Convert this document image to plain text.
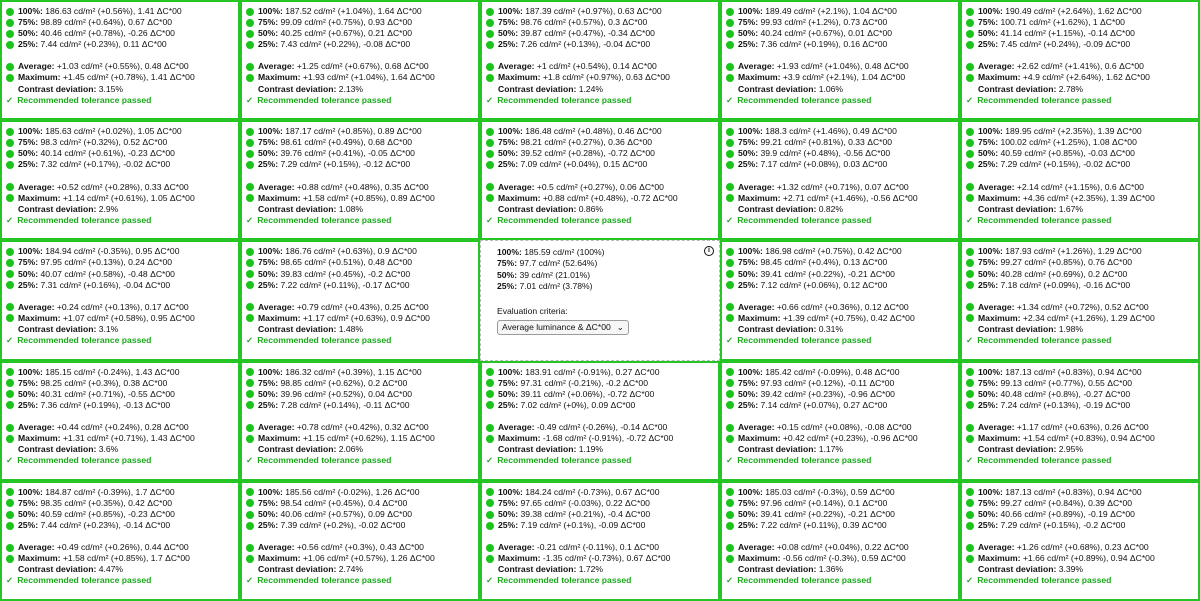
100%:
186.63 cd/m² (+0.56%), 1.41 ΔC*00
75%:
98.89 cd/m² (+0.64%), 0.67 ΔC*00
50%:
40.46 cd/m² (+0.78%), -0.26 ΔC*00
25%:
7.44 cd/m² (+0.23%), 0.11 ΔC*00
Average:
+1.03 cd/m² (+0.55%), 0.48 ΔC*00
Maximum:
+1.45 cd/m² (+0.78%), 1.41 ΔC*00
Contrast deviation:
3.15%
✓ Recommended tolerance passed
100%:
187.52 cd/m² (+1.04%), 1.64 ΔC*00
75%:
99.09 cd/m² (+0.75%), 0.93 ΔC*00
50%:
40.25 cd/m² (+0.67%), 0.21 ΔC*00
25%:
7.43 cd/m² (+0.22%), -0.08 ΔC*00
Average:
+1.25 cd/m² (+0.67%), 0.68 ΔC*00
Maximum:
+1.93 cd/m² (+1.04%), 1.64 ΔC*00
Contrast deviation:
2.13%
✓ Recommended tolerance passed
100%:
187.39 cd/m² (+0.97%), 0.63 ΔC*00
75%:
98.76 cd/m² (+0.57%), 0.3 ΔC*00
50%:
39.87 cd/m² (+0.47%), -0.34 ΔC*00
25%:
7.26 cd/m² (+0.13%), -0.04 ΔC*00
Average:
+1 cd/m² (+0.54%), 0.14 ΔC*00
Maximum:
+1.8 cd/m² (+0.97%), 0.63 ΔC*00
Contrast deviation:
1.24%
✓ Recommended tolerance passed
100%:
189.49 cd/m² (+2.1%), 1.04 ΔC*00
75%:
99.93 cd/m² (+1.2%), 0.73 ΔC*00
50%:
40.24 cd/m² (+0.67%), 0.01 ΔC*00
25%:
7.36 cd/m² (+0.19%), 0.16 ΔC*00
Average:
+1.93 cd/m² (+1.04%), 0.48 ΔC*00
Maximum:
+3.9 cd/m² (+2.1%), 1.04 ΔC*00
Contrast deviation:
1.06%
✓ Recommended tolerance passed
100%:
190.49 cd/m² (+2.64%), 1.62 ΔC*00
75%:
100.71 cd/m² (+1.62%), 1 ΔC*00
50%:
41.14 cd/m² (+1.15%), -0.14 ΔC*00
25%:
7.45 cd/m² (+0.24%), -0.09 ΔC*00
Average:
+2.62 cd/m² (+1.41%), 0.6 ΔC*00
Maximum:
+4.9 cd/m² (+2.64%), 1.62 ΔC*00
Contrast deviation:
2.78%
✓ Recommended tolerance passed
100%:
185.63 cd/m² (+0.02%), 1.05 ΔC*00
75%:
98.3 cd/m² (+0.32%), 0.52 ΔC*00
50%:
40.14 cd/m² (+0.61%), -0.23 ΔC*00
25%:
7.32 cd/m² (+0.17%), -0.02 ΔC*00
Average:
+0.52 cd/m² (+0.28%), 0.33 ΔC*00
Maximum:
+1.14 cd/m² (+0.61%), 1.05 ΔC*00
Contrast deviation:
2.9%
✓ Recommended tolerance passed
100%:
187.17 cd/m² (+0.85%), 0.89 ΔC*00
75%:
98.61 cd/m² (+0.49%), 0.68 ΔC*00
50%:
39.76 cd/m² (+0.41%), -0.05 ΔC*00
25%:
7.29 cd/m² (+0.15%), -0.12 ΔC*00
Average:
+0.88 cd/m² (+0.48%), 0.35 ΔC*00
Maximum:
+1.58 cd/m² (+0.85%), 0.89 ΔC*00
Contrast deviation:
1.08%
✓ Recommended tolerance passed
100%:
186.48 cd/m² (+0.48%), 0.46 ΔC*00
75%:
98.21 cd/m² (+0.27%), 0.36 ΔC*00
50%:
39.52 cd/m² (+0.28%), -0.72 ΔC*00
25%:
7.09 cd/m² (+0.04%), 0.15 ΔC*00
Average:
+0.5 cd/m² (+0.27%), 0.06 ΔC*00
Maximum:
+0.88 cd/m² (+0.48%), -0.72 ΔC*00
Contrast deviation:
0.86%
✓ Recommended tolerance passed
100%:
188.3 cd/m² (+1.46%), 0.49 ΔC*00
75%:
99.21 cd/m² (+0.81%), 0.33 ΔC*00
50%:
39.9 cd/m² (+0.48%), -0.56 ΔC*00
25%:
7.17 cd/m² (+0.08%), 0.03 ΔC*00
Average:
+1.32 cd/m² (+0.71%), 0.07 ΔC*00
Maximum:
+2.71 cd/m² (+1.46%), -0.56 ΔC*00
Contrast deviation:
0.82%
✓ Recommended tolerance passed
100%:
189.95 cd/m² (+2.35%), 1.39 ΔC*00
75%:
100.02 cd/m² (+1.25%), 1.08 ΔC*00
50%:
40.59 cd/m² (+0.85%), -0.03 ΔC*00
25%:
7.29 cd/m² (+0.15%), -0.02 ΔC*00
Average:
+2.14 cd/m² (+1.15%), 0.6 ΔC*00
Maximum:
+4.36 cd/m² (+2.35%), 1.39 ΔC*00
Contrast deviation:
1.67%
✓ Recommended tolerance passed
100%:
184.94 cd/m² (-0.35%), 0.95 ΔC*00
75%:
97.95 cd/m² (+0.13%), 0.24 ΔC*00
50%:
40.07 cd/m² (+0.58%), -0.48 ΔC*00
25%:
7.31 cd/m² (+0.16%), -0.04 ΔC*00
Average:
+0.24 cd/m² (+0.13%), 0.17 ΔC*00
Maximum:
+1.07 cd/m² (+0.58%), 0.95 ΔC*00
Contrast deviation:
3.1%
✓ Recommended tolerance passed
100%:
186.76 cd/m² (+0.63%), 0.9 ΔC*00
75%:
98.65 cd/m² (+0.51%), 0.48 ΔC*00
50%:
39.83 cd/m² (+0.45%), -0.2 ΔC*00
25%:
7.22 cd/m² (+0.11%), -0.17 ΔC*00
Average:
+0.79 cd/m² (+0.43%), 0.25 ΔC*00
Maximum:
+1.17 cd/m² (+0.63%), 0.9 ΔC*00
Contrast deviation:
1.48%
✓ Recommended tolerance passed
i
100%:
185.59 cd/m² (100%)
75%:
97.7 cd/m² (52.64%)
50%:
39 cd/m² (21.01%)
25%:
7.01 cd/m² (3.78%)
Evaluation criteria:
Average luminance & ΔC*00 ⌄
100%:
186.98 cd/m² (+0.75%), 0.42 ΔC*00
75%:
98.45 cd/m² (+0.4%), 0.13 ΔC*00
50%:
39.41 cd/m² (+0.22%), -0.21 ΔC*00
25%:
7.12 cd/m² (+0.06%), 0.12 ΔC*00
Average:
+0.66 cd/m² (+0.36%), 0.12 ΔC*00
Maximum:
+1.39 cd/m² (+0.75%), 0.42 ΔC*00
Contrast deviation:
0.31%
✓ Recommended tolerance passed
100%:
187.93 cd/m² (+1.26%), 1.29 ΔC*00
75%:
99.27 cd/m² (+0.85%), 0.76 ΔC*00
50%:
40.28 cd/m² (+0.69%), 0.2 ΔC*00
25%:
7.18 cd/m² (+0.09%), -0.16 ΔC*00
Average:
+1.34 cd/m² (+0.72%), 0.52 ΔC*00
Maximum:
+2.34 cd/m² (+1.26%), 1.29 ΔC*00
Contrast deviation:
1.98%
✓ Recommended tolerance passed
100%:
185.15 cd/m² (-0.24%), 1.43 ΔC*00
75%:
98.25 cd/m² (+0.3%), 0.38 ΔC*00
50%:
40.31 cd/m² (+0.71%), -0.55 ΔC*00
25%:
7.36 cd/m² (+0.19%), -0.13 ΔC*00
Average:
+0.44 cd/m² (+0.24%), 0.28 ΔC*00
Maximum:
+1.31 cd/m² (+0.71%), 1.43 ΔC*00
Contrast deviation:
3.6%
✓ Recommended tolerance passed
100%:
186.32 cd/m² (+0.39%), 1.15 ΔC*00
75%:
98.85 cd/m² (+0.62%), 0.2 ΔC*00
50%:
39.96 cd/m² (+0.52%), 0.04 ΔC*00
25%:
7.28 cd/m² (+0.14%), -0.11 ΔC*00
Average:
+0.78 cd/m² (+0.42%), 0.32 ΔC*00
Maximum:
+1.15 cd/m² (+0.62%), 1.15 ΔC*00
Contrast deviation:
2.06%
✓ Recommended tolerance passed
100%:
183.91 cd/m² (-0.91%), 0.27 ΔC*00
75%:
97.31 cd/m² (-0.21%), -0.2 ΔC*00
50%:
39.11 cd/m² (+0.06%), -0.72 ΔC*00
25%:
7.02 cd/m² (+0%), 0.09 ΔC*00
Average:
-0.49 cd/m² (-0.26%), -0.14 ΔC*00
Maximum:
-1.68 cd/m² (-0.91%), -0.72 ΔC*00
Contrast deviation:
1.19%
✓ Recommended tolerance passed
100%:
185.42 cd/m² (-0.09%), 0.48 ΔC*00
75%:
97.93 cd/m² (+0.12%), -0.11 ΔC*00
50%:
39.42 cd/m² (+0.23%), -0.96 ΔC*00
25%:
7.14 cd/m² (+0.07%), 0.27 ΔC*00
Average:
+0.15 cd/m² (+0.08%), -0.08 ΔC*00
Maximum:
+0.42 cd/m² (+0.23%), -0.96 ΔC*00
Contrast deviation:
1.17%
✓ Recommended tolerance passed
100%:
187.13 cd/m² (+0.83%), 0.94 ΔC*00
75%:
99.13 cd/m² (+0.77%), 0.55 ΔC*00
50%:
40.48 cd/m² (+0.8%), -0.27 ΔC*00
25%:
7.24 cd/m² (+0.13%), -0.19 ΔC*00
Average:
+1.17 cd/m² (+0.63%), 0.26 ΔC*00
Maximum:
+1.54 cd/m² (+0.83%), 0.94 ΔC*00
Contrast deviation:
2.95%
✓ Recommended tolerance passed
100%:
184.87 cd/m² (-0.39%), 1.7 ΔC*00
75%:
98.35 cd/m² (+0.35%), 0.42 ΔC*00
50%:
40.59 cd/m² (+0.85%), -0.23 ΔC*00
25%:
7.44 cd/m² (+0.23%), -0.14 ΔC*00
Average:
+0.49 cd/m² (+0.26%), 0.44 ΔC*00
Maximum:
+1.58 cd/m² (+0.85%), 1.7 ΔC*00
Contrast deviation:
4.47%
✓ Recommended tolerance passed
100%:
185.56 cd/m² (-0.02%), 1.26 ΔC*00
75%:
98.54 cd/m² (+0.45%), 0.4 ΔC*00
50%:
40.06 cd/m² (+0.57%), 0.09 ΔC*00
25%:
7.39 cd/m² (+0.2%), -0.02 ΔC*00
Average:
+0.56 cd/m² (+0.3%), 0.43 ΔC*00
Maximum:
+1.06 cd/m² (+0.57%), 1.26 ΔC*00
Contrast deviation:
2.74%
✓ Recommended tolerance passed
100%:
184.24 cd/m² (-0.73%), 0.67 ΔC*00
75%:
97.65 cd/m² (-0.03%), 0.22 ΔC*00
50%:
39.38 cd/m² (+0.21%), -0.4 ΔC*00
25%:
7.19 cd/m² (+0.1%), -0.09 ΔC*00
Average:
-0.21 cd/m² (-0.11%), 0.1 ΔC*00
Maximum:
-1.35 cd/m² (-0.73%), 0.67 ΔC*00
Contrast deviation:
1.72%
✓ Recommended tolerance passed
100%:
185.03 cd/m² (-0.3%), 0.59 ΔC*00
75%:
97.96 cd/m² (+0.14%), 0.1 ΔC*00
50%:
39.41 cd/m² (+0.22%), -0.21 ΔC*00
25%:
7.22 cd/m² (+0.11%), 0.39 ΔC*00
Average:
+0.08 cd/m² (+0.04%), 0.22 ΔC*00
Maximum:
-0.56 cd/m² (-0.3%), 0.59 ΔC*00
Contrast deviation:
1.36%
✓ Recommended tolerance passed
100%:
187.13 cd/m² (+0.83%), 0.94 ΔC*00
75%:
99.27 cd/m² (+0.84%), 0.39 ΔC*00
50%:
40.66 cd/m² (+0.89%), -0.19 ΔC*00
25%:
7.29 cd/m² (+0.15%), -0.2 ΔC*00
Average:
+1.26 cd/m² (+0.68%), 0.23 ΔC*00
Maximum:
+1.66 cd/m² (+0.89%), 0.94 ΔC*00
Contrast deviation:
3.39%
✓ Recommended tolerance passed
